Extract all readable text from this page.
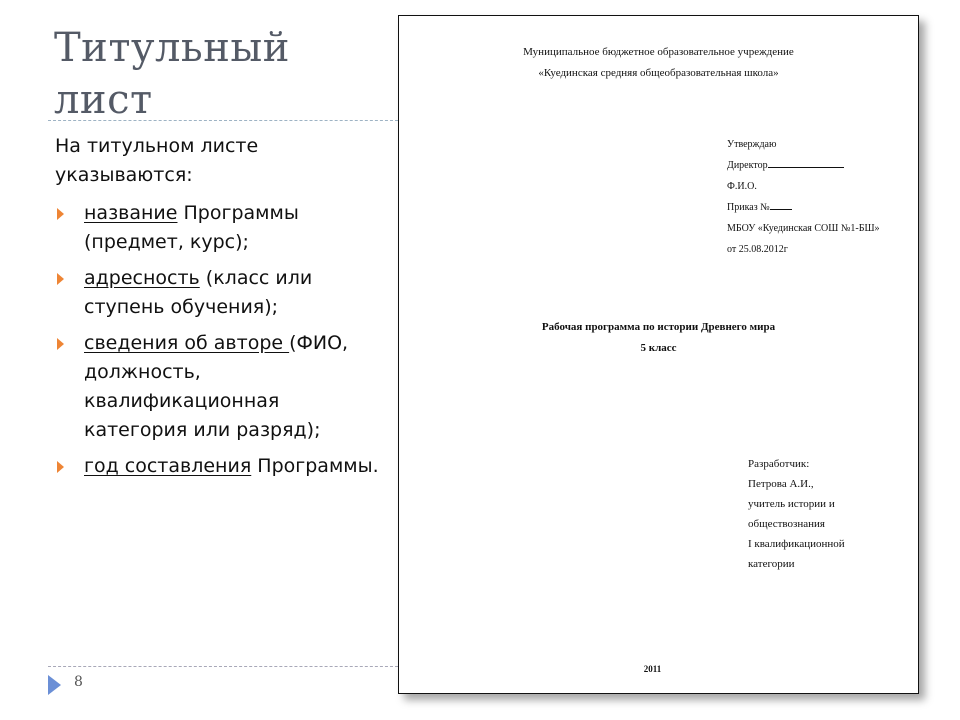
Титульный
лист
На титульном листе указываются:
название Программы (предмет, курс);
адресность (класс или ступень обучения);
сведения об авторе (ФИО, должность, квалификационная категория или разряд);
год составления Программы.
8
Муниципальное бюджетное образовательное учреждение
«Куединская средняя общеобразовательная школа»
Утверждаю
Директор
Ф.И.О.
Приказ №
МБОУ «Куединская СОШ №1-БШ»
от 25.08.2012г
Рабочая программа по истории Древнего мира
5 класс
Разработчик:
Петрова А.И.,
учитель истории и
обществознания
I квалификационной
категории
2011
